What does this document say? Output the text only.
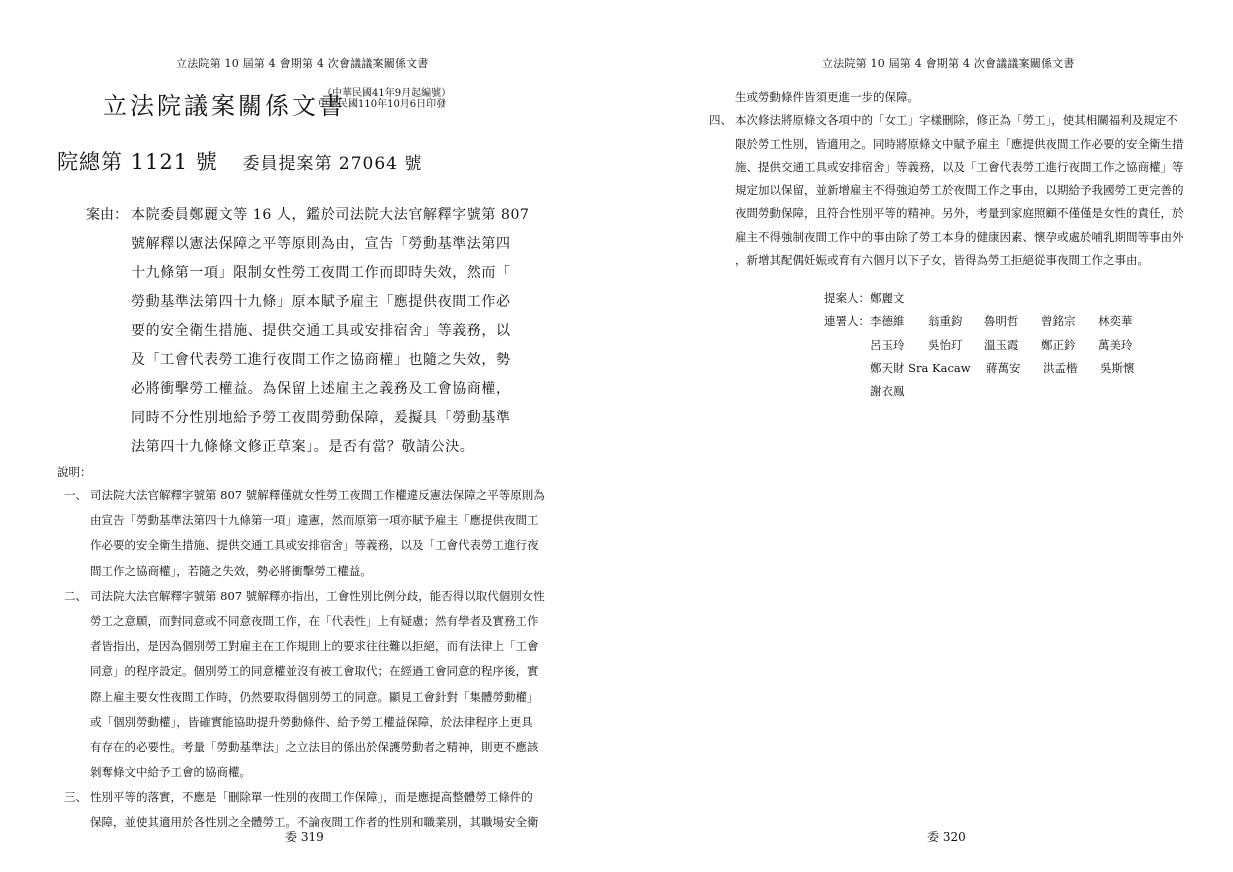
立法院第 10 屆第 4 會期第 4 次會議議案關係文書
立法院議案關係文書
（中華民國41年9月起編號）
中華民國110年10月6日印發
院總第 1121 號 委員提案第 27064 號
案由： 本院委員鄭麗文等 16 人，鑑於司法院大法官解釋字號第 807
號解釋以憲法保障之平等原則為由，宣告「勞動基準法第四
十九條第一項」限制女性勞工夜間工作而即時失效，然而「
勞動基準法第四十九條」原本賦予雇主「應提供夜間工作必
要的安全衛生措施、提供交通工具或安排宿舍」等義務，以
及「工會代表勞工進行夜間工作之協商權」也隨之失效，勢
必將衝擊勞工權益。為保留上述雇主之義務及工會協商權，
同時不分性別地給予勞工夜間勞動保障，爰擬具「勞動基準
法第四十九條條文修正草案」。是否有當？敬請公決。
說明：
一、 司法院大法官解釋字號第 807 號解釋僅就女性勞工夜間工作權違反憲法保障之平等原則為
由宣告「勞動基準法第四十九條第一項」違憲，然而原第一項亦賦予雇主「應提供夜間工
作必要的安全衛生措施、提供交通工具或安排宿舍」等義務，以及「工會代表勞工進行夜
間工作之協商權」，若隨之失效，勢必將衝擊勞工權益。
二、 司法院大法官解釋字號第 807 號解釋亦指出，工會性別比例分歧，能否得以取代個別女性
勞工之意願，而對同意或不同意夜間工作，在「代表性」上有疑慮；然有學者及實務工作
者皆指出，是因為個別勞工對雇主在工作規則上的要求往往難以拒絕，而有法律上「工會
同意」的程序設定。個別勞工的同意權並沒有被工會取代；在經過工會同意的程序後，實
際上雇主要女性夜間工作時，仍然要取得個別勞工的同意。顯見工會針對「集體勞動權」
或「個別勞動權」，皆確實能協助提升勞動條件、給予勞工權益保障，於法律程序上更具
有存在的必要性。考量「勞動基準法」之立法目的係出於保護勞動者之精神，則更不應該
剝奪條文中給予工會的協商權。
三、 性別平等的落實，不應是「刪除單一性別的夜間工作保障」，而是應提高整體勞工條件的
保障，並使其適用於各性別之全體勞工。不論夜間工作者的性別和職業別，其職場安全衛
委 319
立法院第 10 屆第 4 會期第 4 次會議議案關係文書
生或勞動條件皆須更進一步的保障。
四、 本次修法將原條文各項中的「女工」字樣刪除，修正為「勞工」，使其相關福利及規定不
限於勞工性別，皆適用之。同時將原條文中賦予雇主「應提供夜間工作必要的安全衛生措
施、提供交通工具或安排宿舍」等義務，以及「工會代表勞工進行夜間工作之協商權」等
規定加以保留，並新增雇主不得強迫勞工於夜間工作之事由，以期給予我國勞工更完善的
夜間勞動保障，且符合性別平等的精神。另外，考量到家庭照顧不僅僅是女性的責任，於
雇主不得強制夜間工作中的事由除了勞工本身的健康因素、懷孕或處於哺乳期間等事由外
，新增其配偶妊娠或育有六個月以下子女，皆得為勞工拒絕從事夜間工作之事由。
提案人： 鄭麗文
連署人： 李德維 翁重鈞 魯明哲 曾銘宗 林奕華
呂玉玲 吳怡玎 溫玉霞 鄭正鈐 萬美玲
鄭天財 Sra Kacaw 蔣萬安 洪孟楷 吳斯懷
謝衣鳯
委 320
